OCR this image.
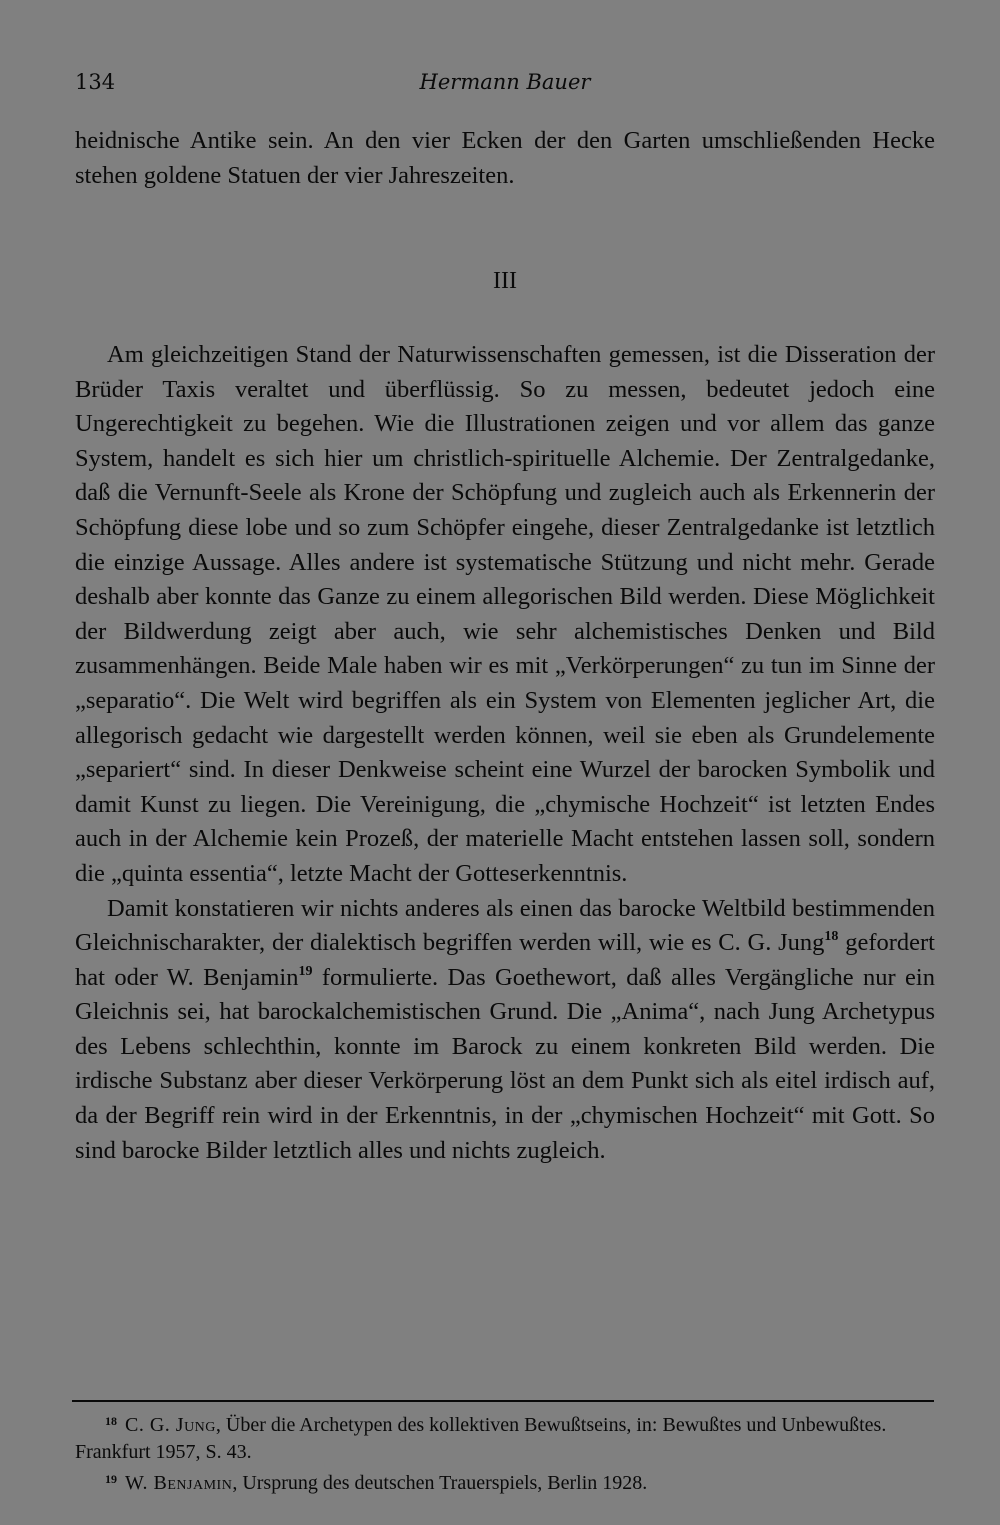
134	Hermann Bauer

heidnische Antike sein. An den vier Ecken der den Garten umschließenden Hecke stehen goldene Statuen der vier Jahreszeiten.

III

Am gleichzeitigen Stand der Naturwissenschaften gemessen, ist die Disseration der Brüder Taxis veraltet und überflüssig. So zu messen, bedeutet jedoch eine Ungerechtigkeit zu begehen. Wie die Illustrationen zeigen und vor allem das ganze System, handelt es sich hier um christlich-spirituelle Alchemie. Der Zentralgedanke, daß die Vernunft-Seele als Krone der Schöpfung und zugleich auch als Erkennerin der Schöpfung diese lobe und so zum Schöpfer eingehe, dieser Zentralgedanke ist letztlich die einzige Aussage. Alles andere ist systematische Stützung und nicht mehr. Gerade deshalb aber konnte das Ganze zu einem allegorischen Bild werden. Diese Möglichkeit der Bildwerdung zeigt aber auch, wie sehr alchemistisches Denken und Bild zusammenhängen. Beide Male haben wir es mit „Verkörperungen“ zu tun im Sinne der „separatio“. Die Welt wird begriffen als ein System von Elementen jeglicher Art, die allegorisch gedacht wie dargestellt werden können, weil sie eben als Grundelemente „separiert“ sind. In dieser Denkweise scheint eine Wurzel der barocken Symbolik und damit Kunst zu liegen. Die Vereinigung, die „chymische Hochzeit“ ist letzten Endes auch in der Alchemie kein Prozeß, der materielle Macht entstehen lassen soll, sondern die „quinta essentia“, letzte Macht der Gotteserkenntnis.

Damit konstatieren wir nichts anderes als einen das barocke Weltbild bestimmenden Gleichnischarakter, der dialektisch begriffen werden will, wie es C. G. Jung$^{18}$ gefordert hat oder W. Benjamin$^{19}$ formulierte. Das Goethewort, daß alles Vergängliche nur ein Gleichnis sei, hat barockalchemistischen Grund. Die „Anima“, nach Jung Archetypus des Lebens schlechthin, konnte im Barock zu einem konkreten Bild werden. Die irdische Substanz aber dieser Verkörperung löst an dem Punkt sich als eitel irdisch auf, da der Begriff rein wird in der Erkenntnis, in der „chymischen Hochzeit“ mit Gott. So sind barocke Bilder letztlich alles und nichts zugleich.

$^{18}$ C. G. Jung, Über die Archetypen des kollektiven Bewußtseins, in: Bewußtes und Unbewußtes. Frankfurt 1957, S. 43.

$^{19}$ W. Benjamin, Ursprung des deutschen Trauerspiels, Berlin 1928.
